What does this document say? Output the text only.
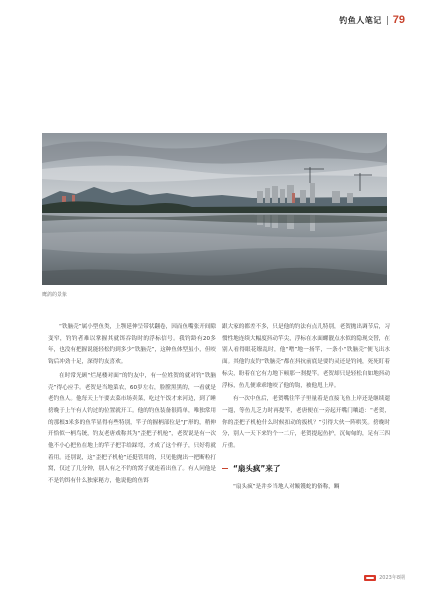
钓鱼人笔记 79
鹰鸽的景象

“铁脑壳”属小型鱼类，上颚延伸呈带状翻卷，因而鱼嘴张开间隙变窄，钓钓者难以掌握其就饵吞钩时的浮标信号。我钓龄有20多年，也没有把握说能轻松钓到多少“铁脑壳”，这种鱼体型虽小，但咬钩后冲劲十足，深得钓友喜欢。

在时常光顾“烂尾楼对面”的钓友中，有一位姓贺的就对钓“铁脑壳”得心应手。老贺是当地菜农，60岁左右，脸膛黑黑的，一看就是老钓鱼人。他每天上午要去菜市场卖菜，吃过午饭才来河边，到了睡傍晚于上午有人钓过的位置就开工。他的钓鱼装备很简单，唯独常用的那根3米多的鱼竿显得有些特别，竿子的握柄部位是“J”形的，稍伸开恰似一柄鸟铳，钓友老唐戏称其为“歪把子机枪”，老贺说是有一次他不小心把鱼在地上的竿子把手给踩弯，才成了这个样子，只好将就着用。还别说，这“歪把子机枪”还挺管用的，只见他抛出一把断粒打窝，仅过了几分钟，别人有之不钓的窝子就连着出鱼了。有人问他是不是钓饵有什么独家秘方，他说他的鱼饵

跟大家的都差不多，只是他的钓法有点儿特别，老贺抛出调节后，习惯性地连续大幅度抖动竿尖，浮标在水面螺靓点水似的隐现交替，在别人看得眼花缭乱时，他“噌”地一扬竿，一条小“铁脑壳”便飞出水面。其他钓友钓“铁脑壳”都在抖抗前底是要钓灵还是钓钝，死死盯着标尖，盼着在它有力地下顿那一刹提竿。老贺却只是轻松自如地抖动浮标，鱼儿便乖乖地咬了他的钩，被他甩上岸。

有一次中鱼后，老贺嘴往竿子里量着是直接飞鱼上岸还是继续遛一遛，等鱼儿乏力时再提竿，老唐便在一旁起开嘴门嚷道：“老贺，你的歪把子机枪什么时候扣动的扳机？”引得大伙一阵哄笑。傍晚时分，别人一天下来钓个一二斤，老贺提起鱼护，沉甸甸的，足有三四斤重。

“扇头疯”来了

“扇头疯”是井乡当地人对鲅镬蛇的俗称，鲷

2023年8期
